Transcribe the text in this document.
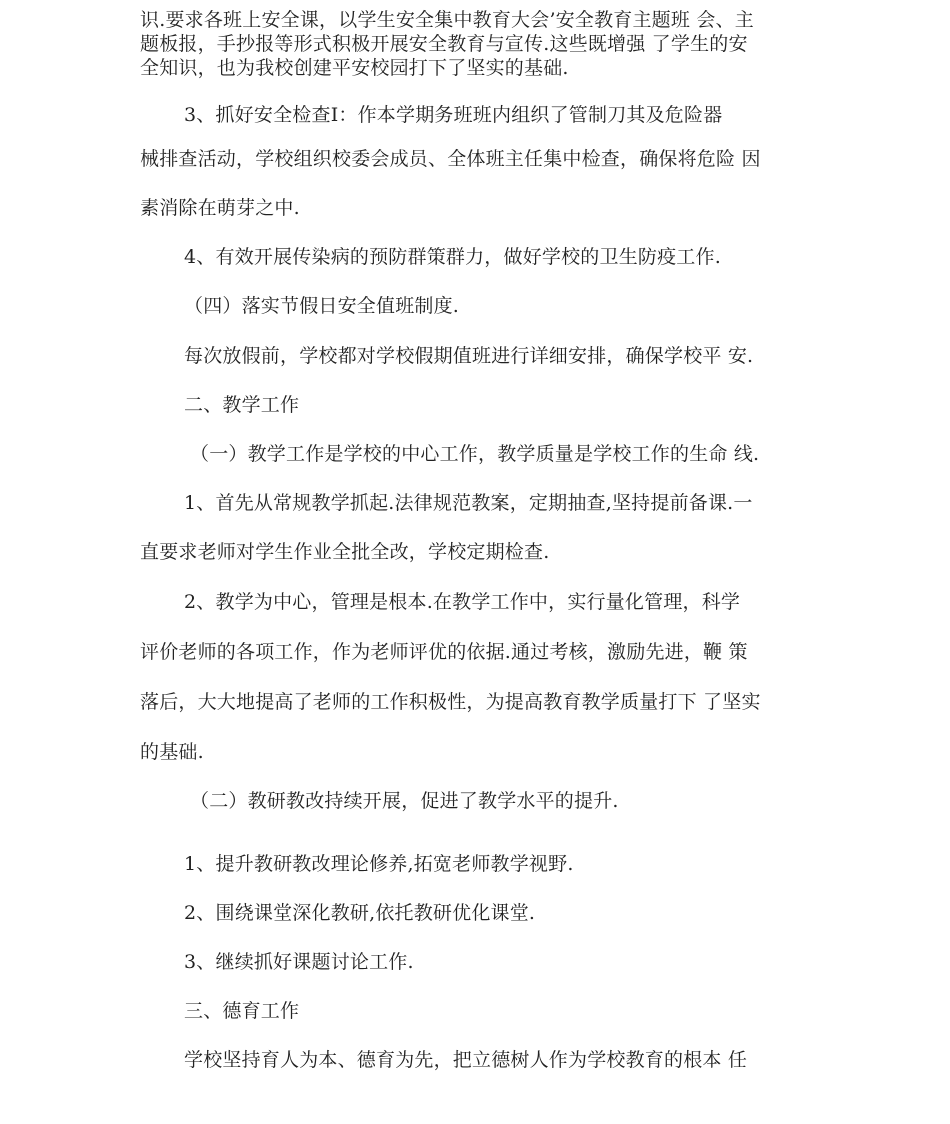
识.要求各班上安全课，以学生安全集中教育大会’安全教育主题班 会、主
题板报，手抄报等形式积极开展安全教育与宣传.这些既增强 了学生的安
全知识，也为我校创建平安校园打下了坚实的基础.
3、抓好安全检查I：作本学期务班班内组织了管制刀其及危险器
械排查活动，学校组织校委会成员、全体班主任集中检查，确保将危险 因
素消除在萌芽之中.
4、有效开展传染病的预防群策群力，做好学校的卫生防疫工作.
（四）落实节假日安全值班制度.
每次放假前，学校都对学校假期值班进行详细安排，确保学校平 安.
二、教学工作
（一）教学工作是学校的中心工作，教学质量是学校工作的生命 线.
1、首先从常规教学抓起.法律规范教案，定期抽查,坚持提前备课.一
直要求老师对学生作业全批全改，学校定期检查.
2、教学为中心，管理是根本.在教学工作中，实行量化管理，科学
评价老师的各项工作，作为老师评优的依据.通过考核，激励先进，鞭 策
落后，大大地提高了老师的工作积极性，为提高教育教学质量打下 了坚实
的基础.
（二）教研教改持续开展，促进了教学水平的提升.
1、提升教研教改理论修养,拓宽老师教学视野.
2、围绕课堂深化教研,依托教研优化课堂.
3、继续抓好课题讨论工作.
三、德育工作
学校坚持育人为本、德育为先，把立德树人作为学校教育的根本 任
